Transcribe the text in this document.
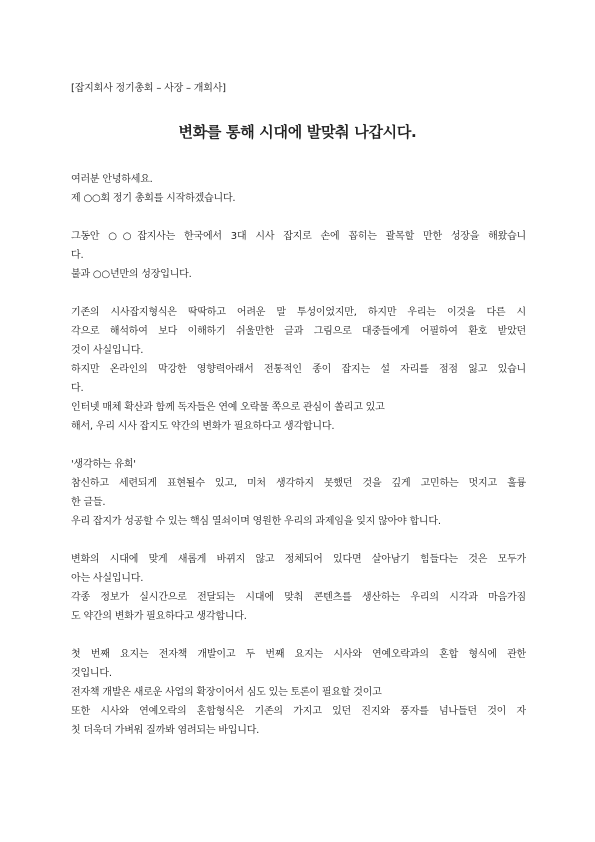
[잡지회사 정기총회 – 사장 – 개회사]
변화를 통해 시대에 발맞춰 나갑시다.
여러분 안녕하세요.
제 ○○회 정기 총회를 시작하겠습니다.
그동안 ○○잡지사는 한국에서 3대 시사 잡지로 손에 꼽히는 괄목할 만한 성장을 해왔습니
다.
불과 ○○년만의 성장입니다.
기존의 시사잡지형식은 딱딱하고 어려운 말 투성이었지만, 하지만 우리는 이것을 다른 시
각으로 해석하여 보다 이해하기 쉬울만한 글과 그림으로 대중들에게 어필하여 환호 받았던
것이 사실입니다.
하지만 온라인의 막강한 영향력아래서 전통적인 종이 잡지는 설 자리를 점점 잃고 있습니
다.
인터넷 매체 확산과 함께 독자들은 연예 오락물 쪽으로 관심이 쏠리고 있고
해서, 우리 시사 잡지도 약간의 변화가 필요하다고 생각합니다.
'생각하는 유희'
참신하고 세련되게 표현될수 있고, 미처 생각하지 못했던 것을 깊게 고민하는 멋지고 훌륭
한 글들.
우리 잡지가 성공할 수 있는 핵심 열쇠이며 영원한 우리의 과제임을 잊지 않아야 합니다.
변화의 시대에 맞게 새롭게 바뀌지 않고 정체되어 있다면 살아남기 힘들다는 것은 모두가
아는 사실입니다.
각종 정보가 실시간으로 전달되는 시대에 맞춰 콘텐츠를 생산하는 우리의 시각과 마음가짐
도 약간의 변화가 필요하다고 생각합니다.
첫 번째 요지는 전자책 개발이고 두 번째 요지는 시사와 연예오락과의 혼합 형식에 관한
것입니다.
전자책 개발은 새로운 사업의 확장이어서 심도 있는 토론이 필요할 것이고
또한 시사와 연예오락의 혼합형식은 기존의 가지고 있던 진지와 풍자를 넘나들던 것이 자
칫 더욱더 가벼워 질까봐 염려되는 바입니다.
